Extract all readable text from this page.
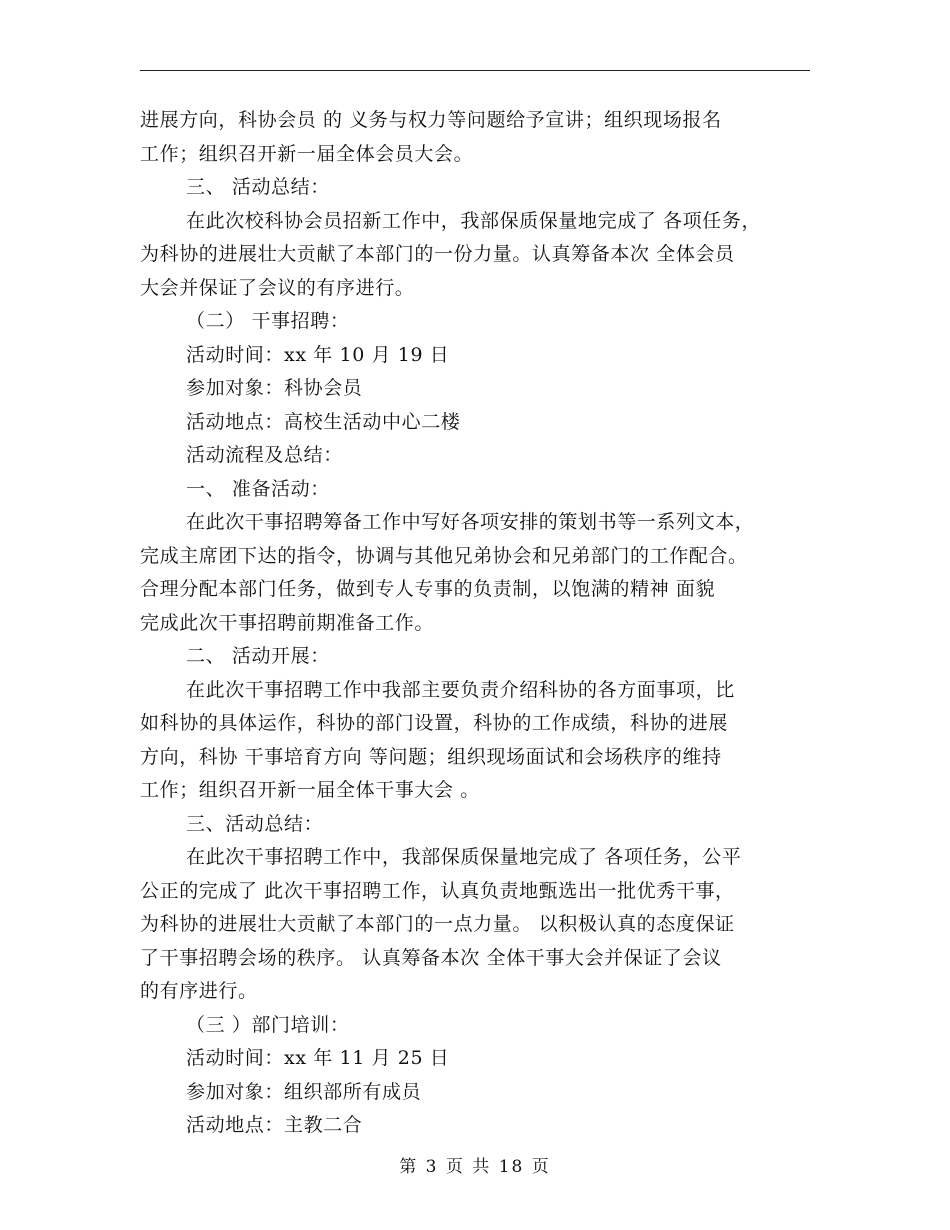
进展方向，科协会员 的 义务与权力等问题给予宣讲；组织现场报名
工作；组织召开新一届全体会员大会。
三、 活动总结：
在此次校科协会员招新工作中，我部保质保量地完成了 各项任务，
为科协的进展壮大贡献了本部门的一份力量。认真筹备本次 全体会员
大会并保证了会议的有序进行。
（二） 干事招聘：
活动时间：xx 年 10 月 19 日
参加对象：科协会员
活动地点：高校生活动中心二楼
活动流程及总结：
一、 准备活动：
在此次干事招聘筹备工作中写好各项安排的策划书等一系列文本，
完成主席团下达的指令，协调与其他兄弟协会和兄弟部门的工作配合。
合理分配本部门任务，做到专人专事的负责制，以饱满的精神 面貌
完成此次干事招聘前期准备工作。
二、 活动开展：
在此次干事招聘工作中我部主要负责介绍科协的各方面事项，比
如科协的具体运作，科协的部门设置，科协的工作成绩，科协的进展
方向，科协 干事培育方向 等问题；组织现场面试和会场秩序的维持
工作；组织召开新一届全体干事大会 。
三、活动总结：
在此次干事招聘工作中，我部保质保量地完成了 各项任务，公平
公正的完成了 此次干事招聘工作，认真负责地甄选出一批优秀干事，
为科协的进展壮大贡献了本部门的一点力量。 以积极认真的态度保证
了干事招聘会场的秩序。 认真筹备本次 全体干事大会并保证了会议
的有序进行。
（三 ）部门培训：
活动时间：xx 年 11 月 25 日
参加对象：组织部所有成员
活动地点：主教二合
第 3 页 共 18 页
